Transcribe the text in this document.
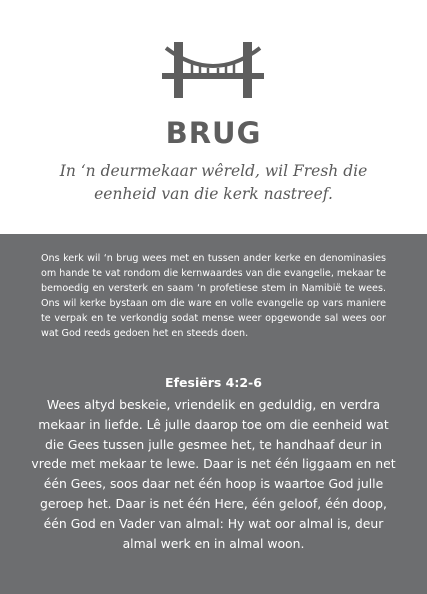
BRUG
In ‘n deurmekaar wêreld, wil Fresh die eenheid van die kerk nastreef.

Ons kerk wil ‘n brug wees met en tussen ander kerke en denominasies om hande te vat rondom die kernwaardes van die evangelie, mekaar te bemoedig en versterk en saam ‘n profetiese stem in Namibië te wees. Ons wil kerke bystaan om die ware en volle evangelie op vars maniere te verpak en te verkondig sodat mense weer opgewonde sal wees oor wat God reeds gedoen het en steeds doen.

Efesiërs 4:2-6

Wees altyd beskeie, vriendelik en geduldig, en verdra mekaar in liefde. Lê julle daarop toe om die eenheid wat die Gees tussen julle gesmee het, te handhaaf deur in vrede met mekaar te lewe. Daar is net één liggaam en net één Gees, soos daar net één hoop is waartoe God julle geroep het. Daar is net één Here, één geloof, één doop, één God en Vader van almal: Hy wat oor almal is, deur almal werk en in almal woon.
